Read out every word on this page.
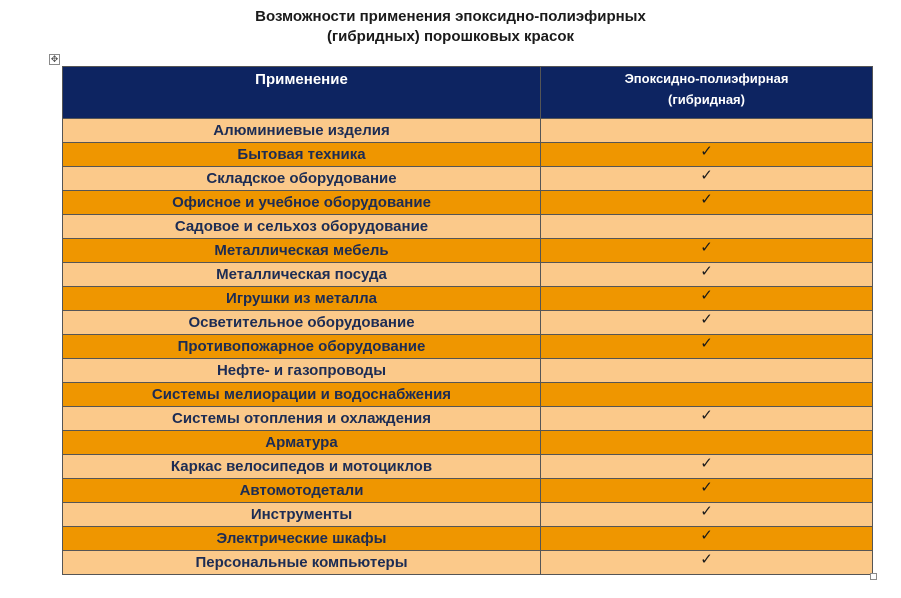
Возможности применения эпоксидно-полиэфирных
(гибридных) порошковых красок
✥
Применение	Эпоксидно-полиэфирная
(гибридная)

Алюминиевые изделия	
Бытовая техника	✓
Складское оборудование	✓
Офисное и учебное оборудование	✓
Садовое и сельхоз оборудование	
Металлическая мебель	✓
Металлическая посуда	✓
Игрушки из металла	✓
Осветительное оборудование	✓
Противопожарное оборудование	✓
Нефте- и газопроводы	
Системы мелиорации и водоснабжения	
Системы отопления и охлаждения	✓
Арматура	
Каркас велосипедов и мотоциклов	✓
Автомотодетали	✓
Инструменты	✓
Электрические шкафы	✓
Персональные компьютеры	✓
